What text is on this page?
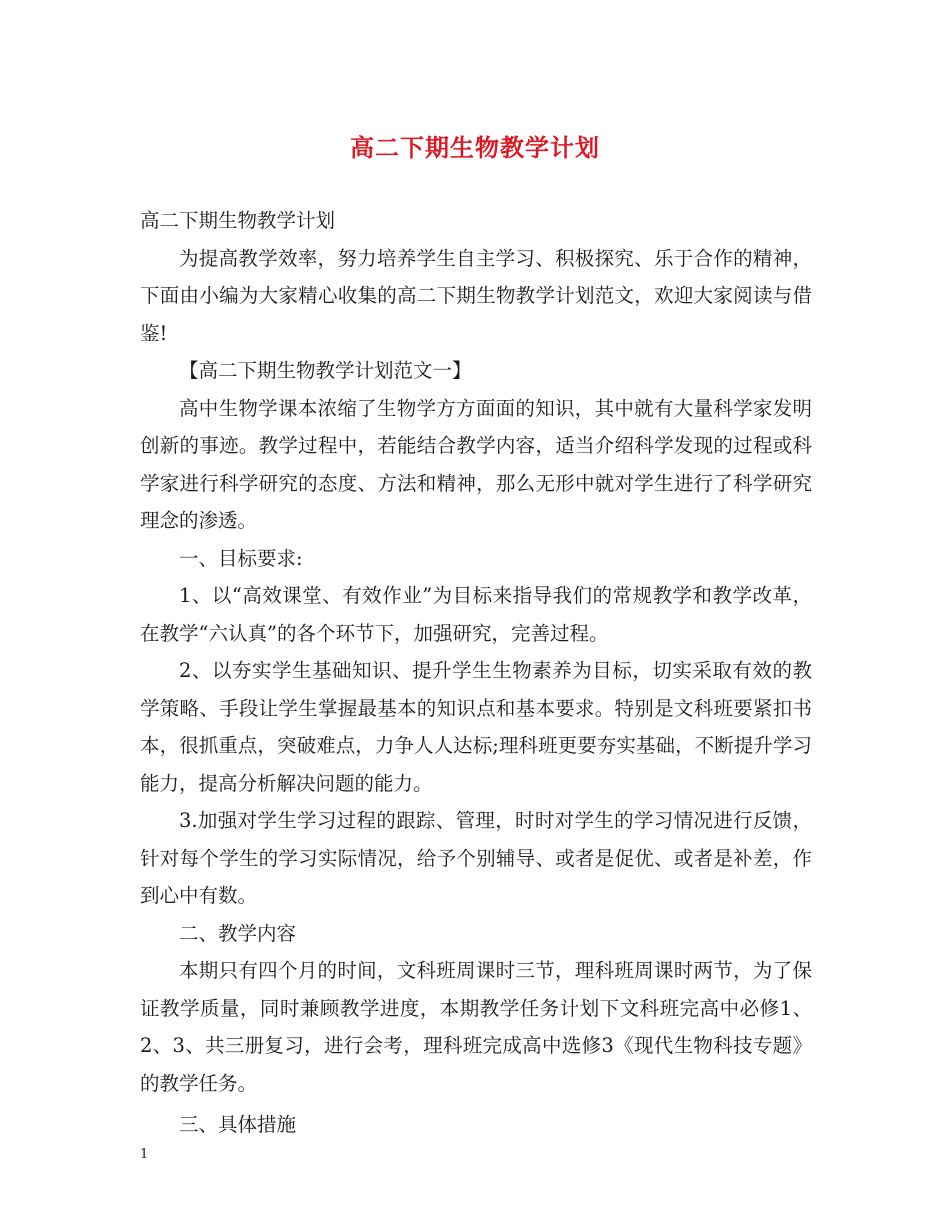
高二下期生物教学计划

高二下期生物教学计划

为提高教学效率，努力培养学生自主学习、积极探究、乐于合作的精神，下面由小编为大家精心收集的高二下期生物教学计划范文，欢迎大家阅读与借鉴!

【高二下期生物教学计划范文一】

高中生物学课本浓缩了生物学方方面面的知识，其中就有大量科学家发明创新的事迹。教学过程中，若能结合教学内容，适当介绍科学发现的过程或科学家进行科学研究的态度、方法和精神，那么无形中就对学生进行了科学研究理念的渗透。

一、目标要求:

1、以“高效课堂、有效作业”为目标来指导我们的常规教学和教学改革，在教学“六认真”的各个环节下，加强研究，完善过程。

2、以夯实学生基础知识、提升学生生物素养为目标，切实采取有效的教学策略、手段让学生掌握最基本的知识点和基本要求。特别是文科班要紧扣书本，很抓重点，突破难点，力争人人达标;理科班更要夯实基础，不断提升学习能力，提高分析解决问题的能力。

3.加强对学生学习过程的跟踪、管理，时时对学生的学习情况进行反馈，针对每个学生的学习实际情况，给予个别辅导、或者是促优、或者是补差，作到心中有数。

二、教学内容

本期只有四个月的时间，文科班周课时三节，理科班周课时两节，为了保证教学质量，同时兼顾教学进度，本期教学任务计划下文科班完高中必修1、2、3、共三册复习，进行会考，理科班完成高中选修3《现代生物科技专题》的教学任务。

三、具体措施

1
